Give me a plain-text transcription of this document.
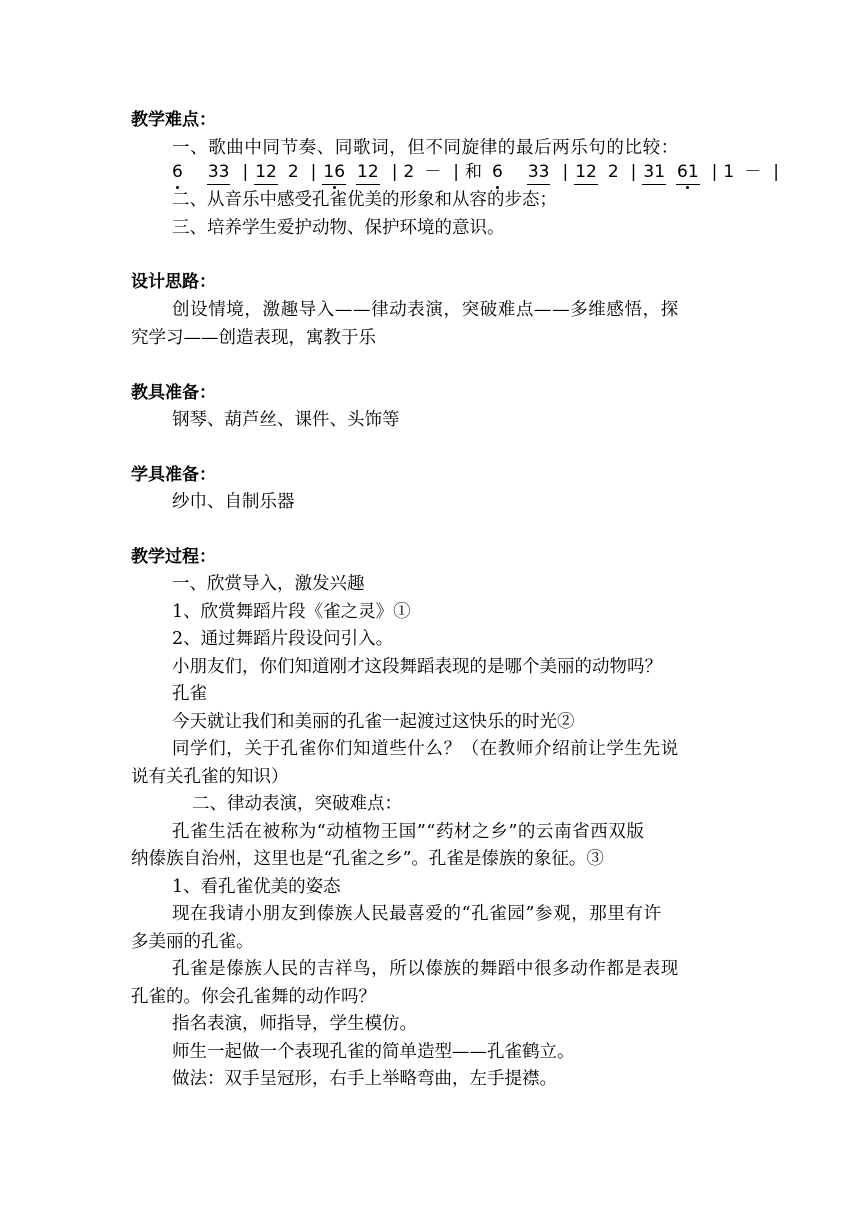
教学难点：
一、歌曲中同节奏、同歌词，但不同旋律的最后两乐句的比较：
6 33 | 12 2 | 16 12 | 2 － | 和 6 33 | 12 2 | 31 61 | 1 － |
二、从音乐中感受孔雀优美的形象和从容的步态；
三、培养学生爱护动物、保护环境的意识。
设计思路：
创设情境，激趣导入——律动表演，突破难点——多维感悟，探
究学习——创造表现，寓教于乐
教具准备：
钢琴、葫芦丝、课件、头饰等
学具准备：
纱巾、自制乐器
教学过程：
一、欣赏导入，激发兴趣
1、欣赏舞蹈片段《雀之灵》①
2、通过舞蹈片段设问引入。
小朋友们，你们知道刚才这段舞蹈表现的是哪个美丽的动物吗？
孔雀
今天就让我们和美丽的孔雀一起渡过这快乐的时光②
同学们，关于孔雀你们知道些什么？（在教师介绍前让学生先说
说有关孔雀的知识）
二、律动表演，突破难点：
孔雀生活在被称为“动植物王国”“药材之乡”的云南省西双版
纳傣族自治州，这里也是“孔雀之乡”。孔雀是傣族的象征。③
1、看孔雀优美的姿态
现在我请小朋友到傣族人民最喜爱的“孔雀园”参观，那里有许
多美丽的孔雀。
孔雀是傣族人民的吉祥鸟，所以傣族的舞蹈中很多动作都是表现
孔雀的。你会孔雀舞的动作吗？
指名表演，师指导，学生模仿。
师生一起做一个表现孔雀的简单造型——孔雀鹤立。
做法：双手呈冠形，右手上举略弯曲，左手提襟。
